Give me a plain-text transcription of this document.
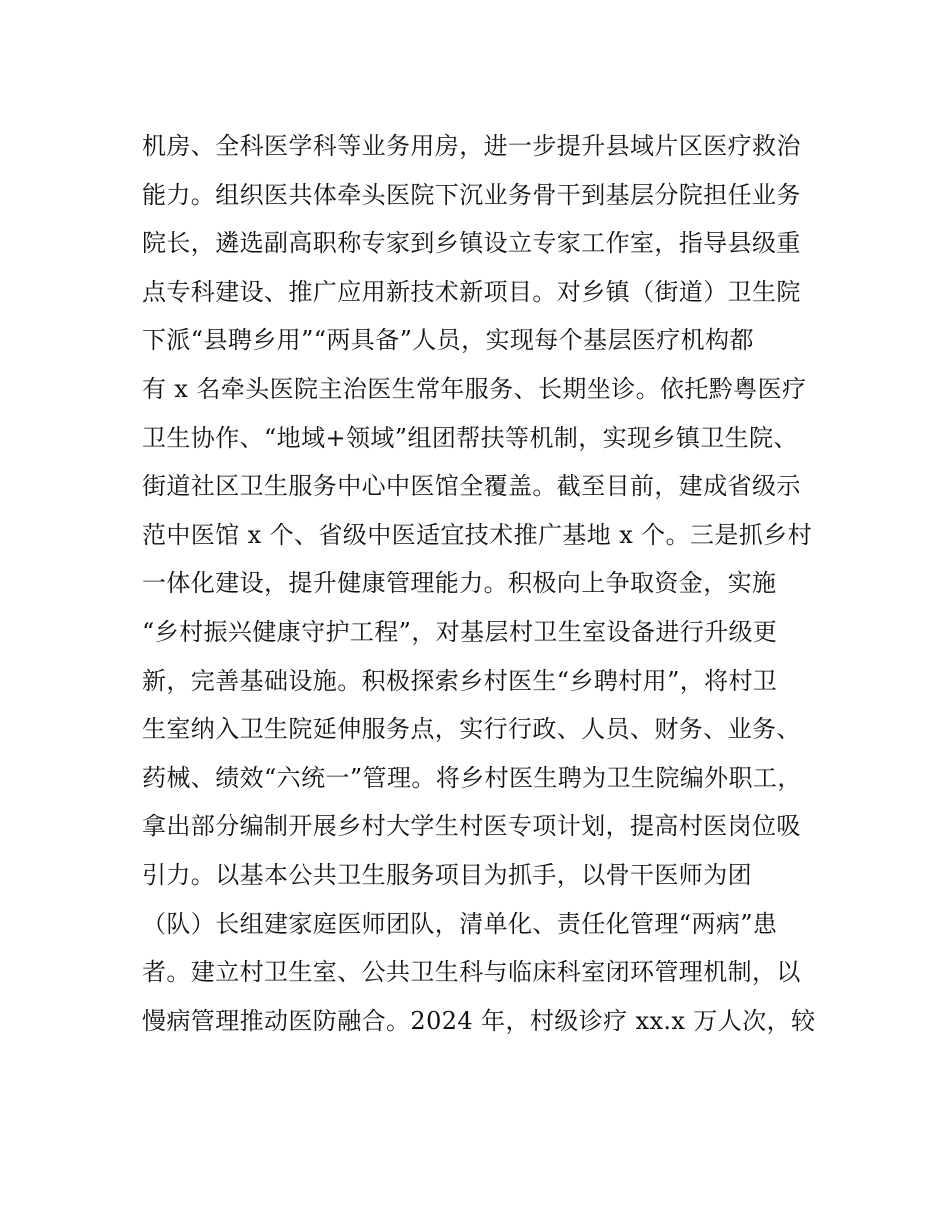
机房、全科医学科等业务用房，进一步提升县域片区医疗救治
能力。组织医共体牵头医院下沉业务骨干到基层分院担任业务
院长，遴选副高职称专家到乡镇设立专家工作室，指导县级重
点专科建设、推广应用新技术新项目。对乡镇（街道）卫生院
下派“县聘乡用”“两具备”人员，实现每个基层医疗机构都
有 x 名牵头医院主治医生常年服务、长期坐诊。依托黔粤医疗
卫生协作、“地域+领域”组团帮扶等机制，实现乡镇卫生院、
街道社区卫生服务中心中医馆全覆盖。截至目前，建成省级示
范中医馆 x 个、省级中医适宜技术推广基地 x 个。三是抓乡村
一体化建设，提升健康管理能力。积极向上争取资金，实施
“乡村振兴健康守护工程”，对基层村卫生室设备进行升级更
新，完善基础设施。积极探索乡村医生“乡聘村用”，将村卫
生室纳入卫生院延伸服务点，实行行政、人员、财务、业务、
药械、绩效“六统一”管理。将乡村医生聘为卫生院编外职工，
拿出部分编制开展乡村大学生村医专项计划，提高村医岗位吸
引力。以基本公共卫生服务项目为抓手，以骨干医师为团
（队）长组建家庭医师团队，清单化、责任化管理“两病”患
者。建立村卫生室、公共卫生科与临床科室闭环管理机制，以
慢病管理推动医防融合。2024 年，村级诊疗 xx.x 万人次，较
